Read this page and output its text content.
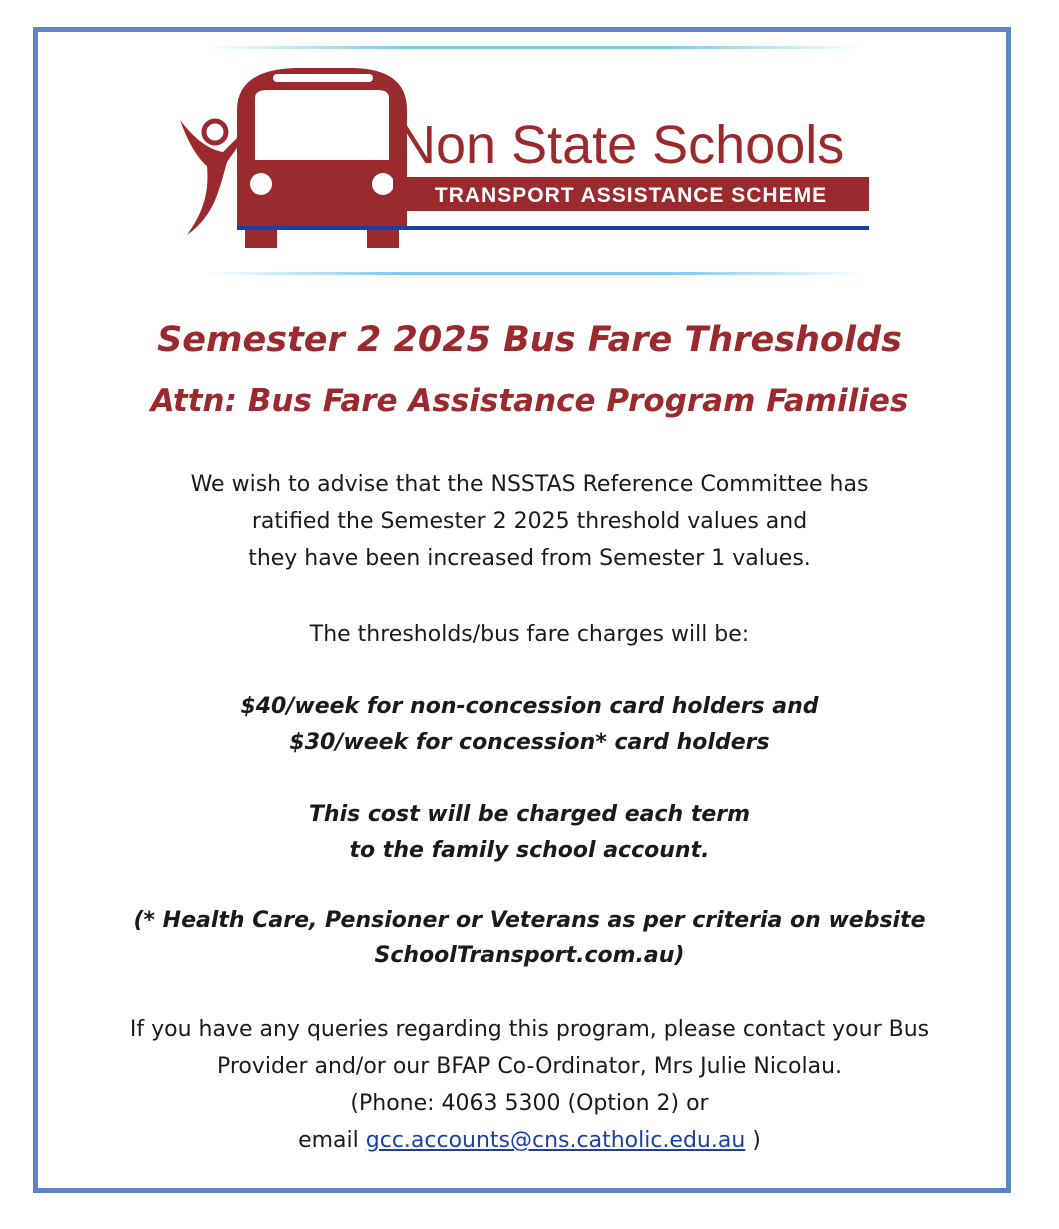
Non State Schools
TRANSPORT ASSISTANCE SCHEME
Semester 2 2025 Bus Fare Thresholds
Attn: Bus Fare Assistance Program Families
We wish to advise that the NSSTAS Reference Committee has
ratified the Semester 2 2025 threshold values and
they have been increased from Semester 1 values.
The thresholds/bus fare charges will be:
$40/week for non-concession card holders and
$30/week for concession* card holders
This cost will be charged each term
to the family school account.
(* Health Care, Pensioner or Veterans as per criteria on website
SchoolTransport.com.au)
If you have any queries regarding this program, please contact your Bus
Provider and/or our BFAP Co-Ordinator, Mrs Julie Nicolau.
(Phone: 4063 5300 (Option 2) or
email gcc.accounts@cns.catholic.edu.au )
